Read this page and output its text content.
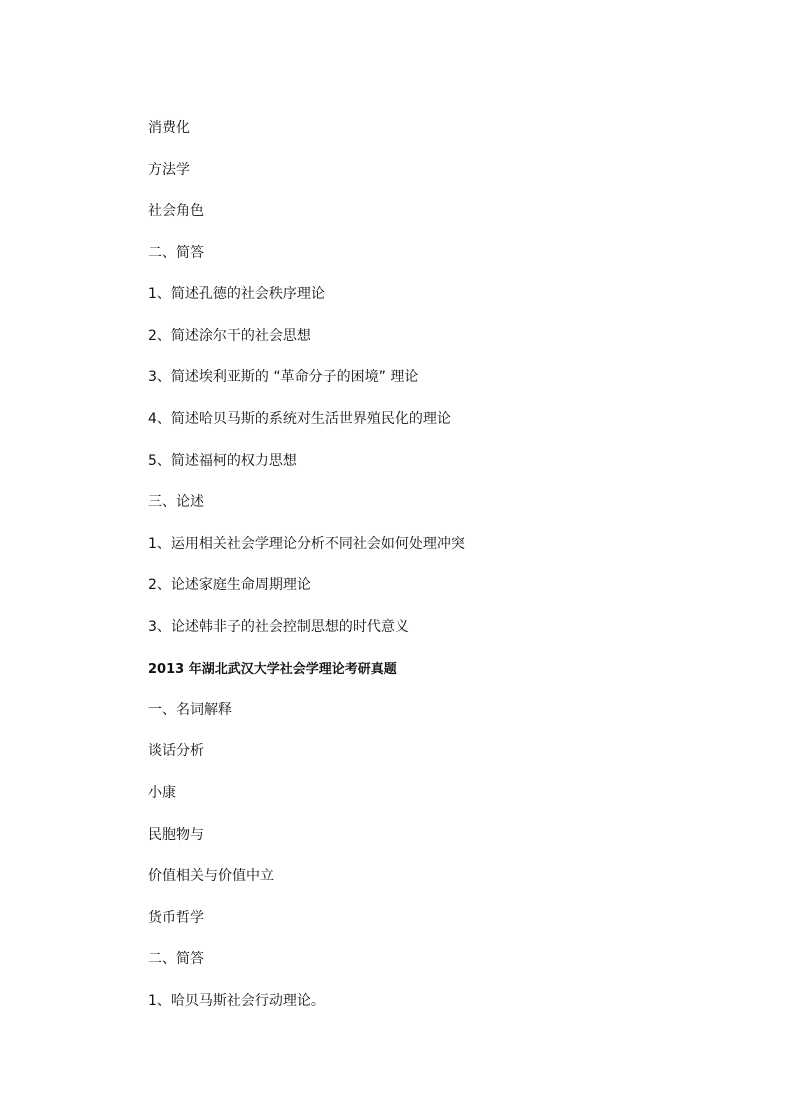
消费化
方法学
社会角色
二、简答
1、简述孔德的社会秩序理论
2、简述涂尔干的社会思想
3、简述埃利亚斯的 “革命分子的困境” 理论
4、简述哈贝马斯的系统对生活世界殖民化的理论
5、简述福柯的权力思想
三、论述
1、运用相关社会学理论分析不同社会如何处理冲突
2、论述家庭生命周期理论
3、论述韩非子的社会控制思想的时代意义
2013 年湖北武汉大学社会学理论考研真题
一、名词解释
谈话分析
小康
民胞物与
价值相关与价值中立
货币哲学
二、简答
1、哈贝马斯社会行动理论。
